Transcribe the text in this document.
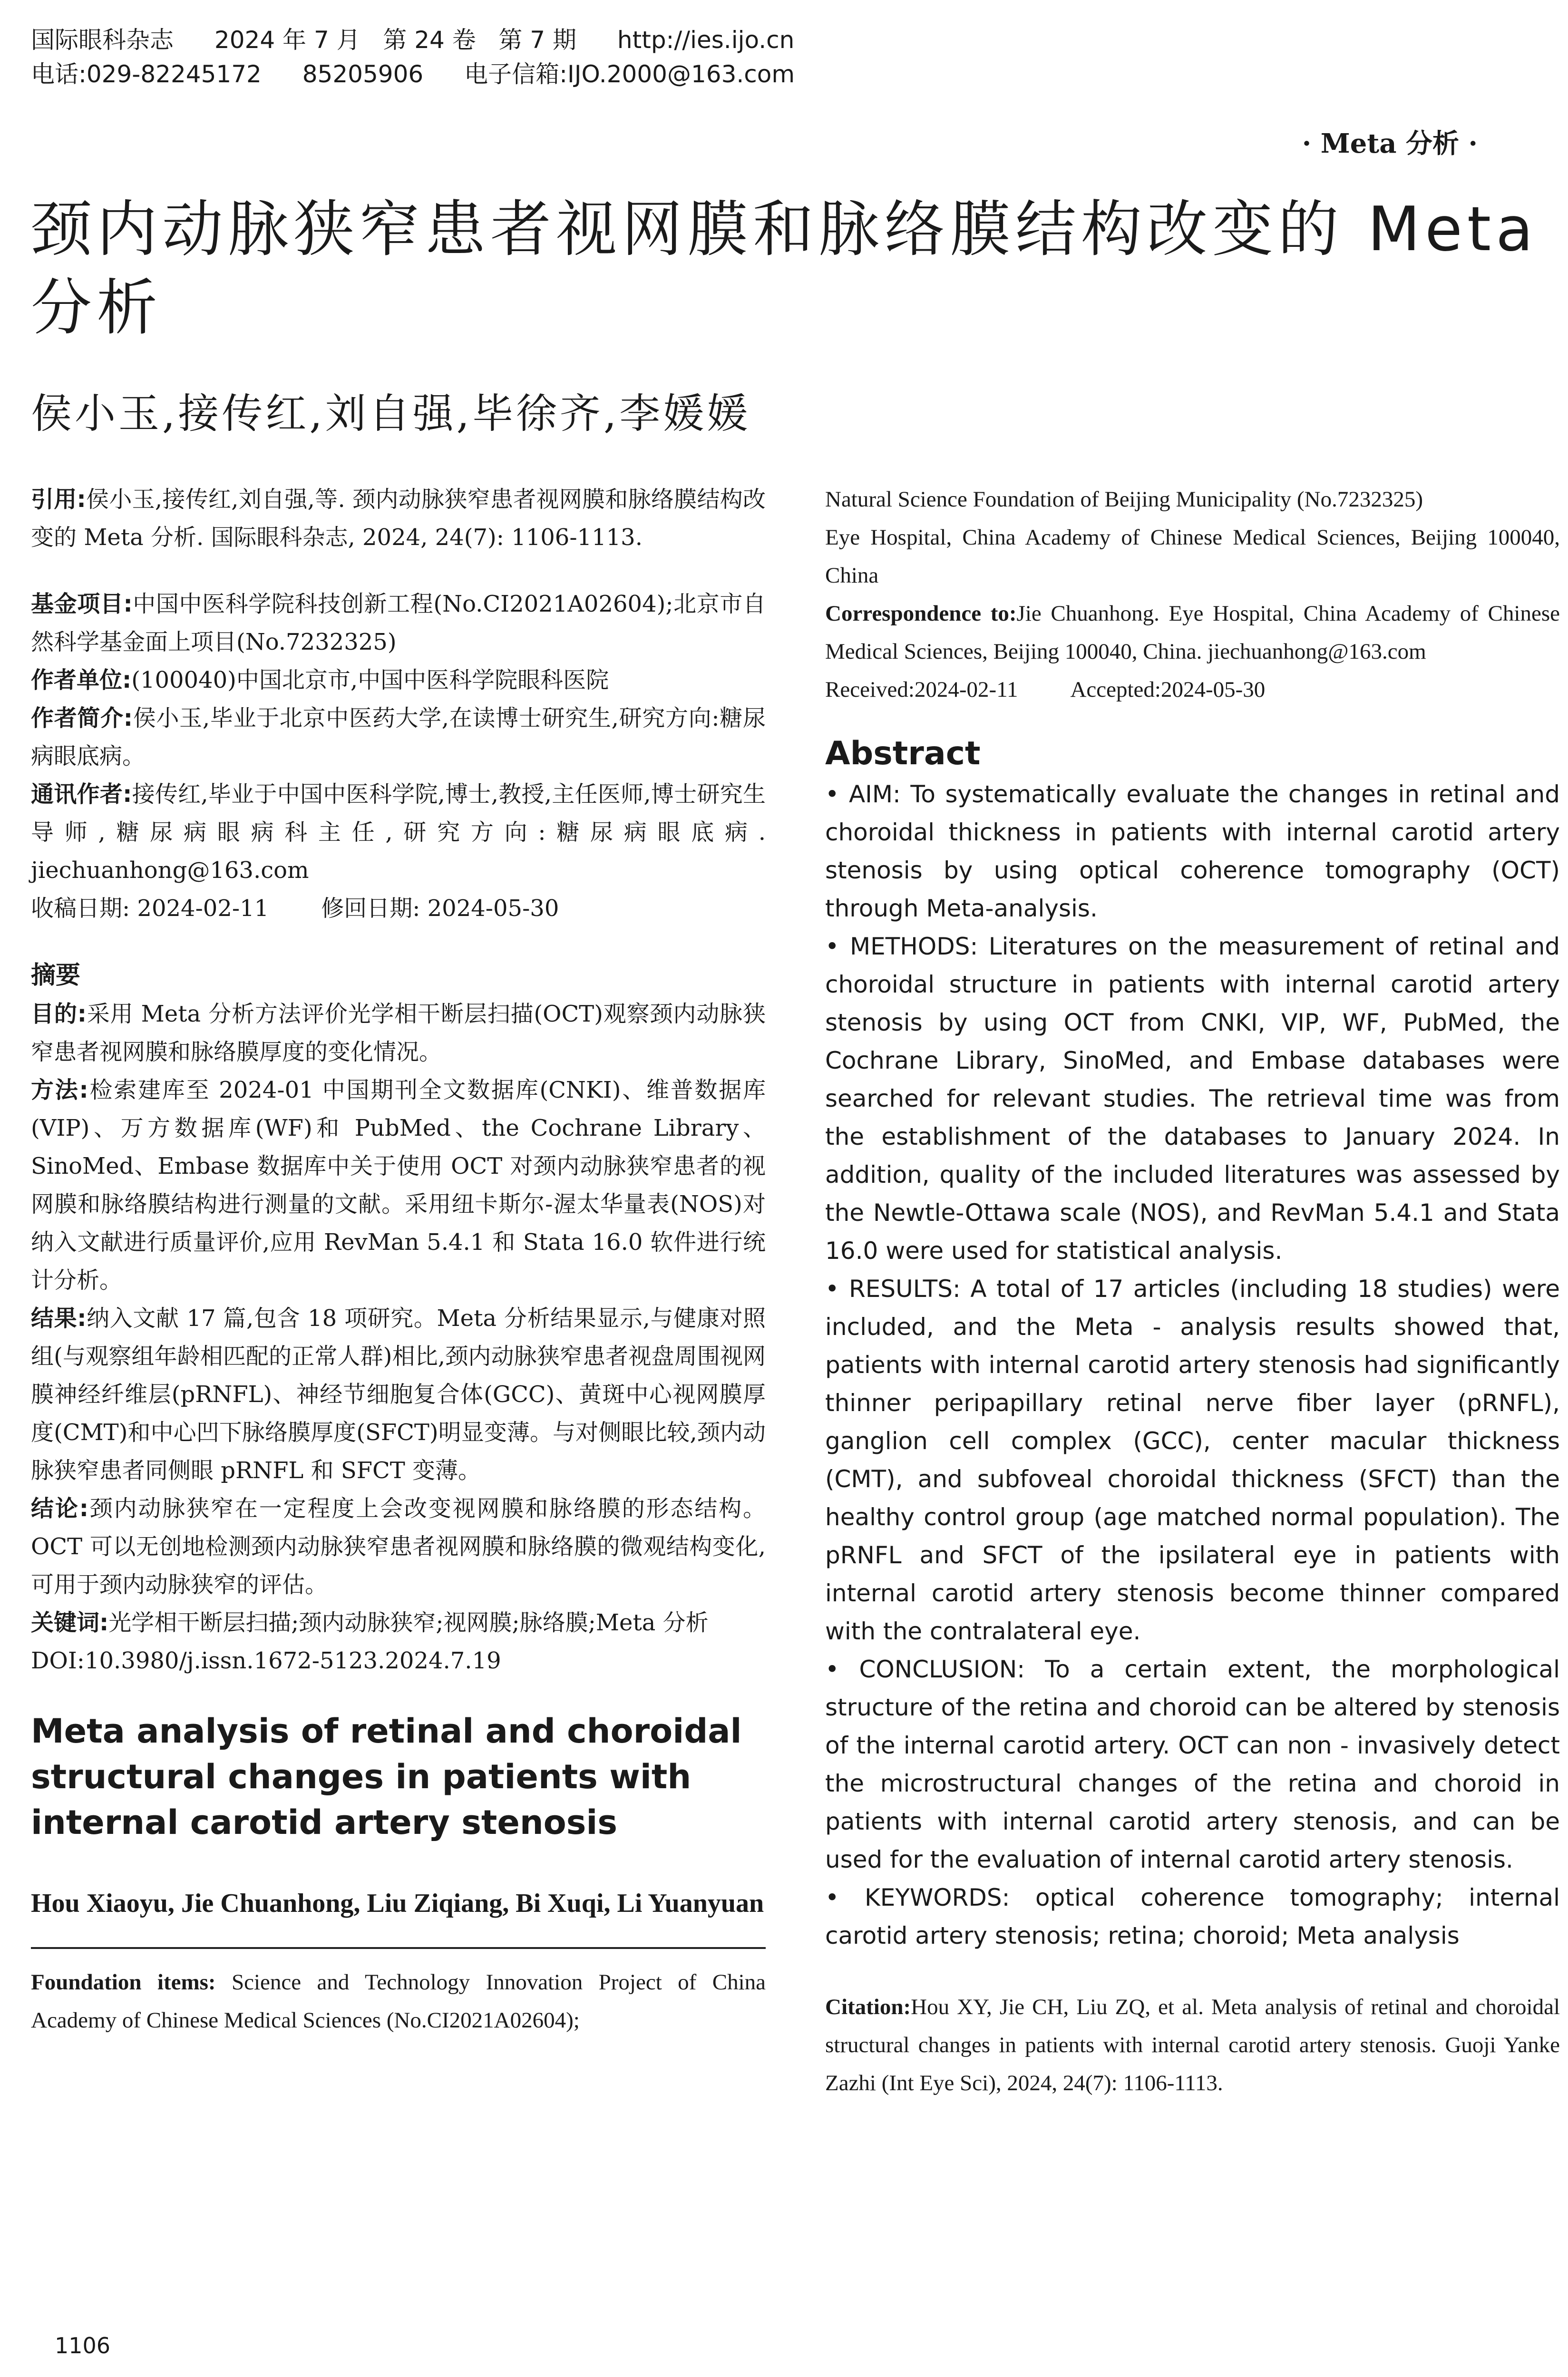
国际眼科杂志 2024 年 7 月   第 24 卷   第 7 期 http://ies.ijo.cn
电话:029-82245172 85205906 电子信箱:IJO.2000@163.com
· Meta 分析 ·
颈内动脉狭窄患者视网膜和脉络膜结构改变的 Meta 分析
侯小玉,接传红,刘自强,毕徐齐,李媛媛
引用:侯小玉,接传红,刘自强,等. 颈内动脉狭窄患者视网膜和脉络膜结构改变的 Meta 分析. 国际眼科杂志, 2024, 24(7): 1106-1113.
基金项目:中国中医科学院科技创新工程(No.CI2021A02604);北京市自然科学基金面上项目(No.7232325)
作者单位:(100040)中国北京市,中国中医科学院眼科医院
作者简介:侯小玉,毕业于北京中医药大学,在读博士研究生,研究方向:糖尿病眼底病。
通讯作者:接传红,毕业于中国中医科学院,博士,教授,主任医师,博士研究生导师,糖尿病眼病科主任,研究方向:糖尿病眼底病. jiechuanhong@163.com
收稿日期: 2024-02-11 修回日期: 2024-05-30
摘要
目的:采用 Meta 分析方法评价光学相干断层扫描(OCT)观察颈内动脉狭窄患者视网膜和脉络膜厚度的变化情况。
方法:检索建库至 2024-01 中国期刊全文数据库(CNKI)、维普数据库(VIP)、万方数据库(WF)和 PubMed、the Cochrane Library、SinoMed、Embase 数据库中关于使用 OCT 对颈内动脉狭窄患者的视网膜和脉络膜结构进行测量的文献。采用纽卡斯尔-渥太华量表(NOS)对纳入文献进行质量评价,应用 RevMan 5.4.1 和 Stata 16.0 软件进行统计分析。
结果:纳入文献 17 篇,包含 18 项研究。Meta 分析结果显示,与健康对照组(与观察组年龄相匹配的正常人群)相比,颈内动脉狭窄患者视盘周围视网膜神经纤维层(pRNFL)、神经节细胞复合体(GCC)、黄斑中心视网膜厚度(CMT)和中心凹下脉络膜厚度(SFCT)明显变薄。与对侧眼比较,颈内动脉狭窄患者同侧眼 pRNFL 和 SFCT 变薄。
结论:颈内动脉狭窄在一定程度上会改变视网膜和脉络膜的形态结构。OCT 可以无创地检测颈内动脉狭窄患者视网膜和脉络膜的微观结构变化,可用于颈内动脉狭窄的评估。
关键词:光学相干断层扫描;颈内动脉狭窄;视网膜;脉络膜;Meta 分析
DOI:10.3980/j.issn.1672-5123.2024.7.19
Meta analysis of retinal and choroidal structural changes in patients with internal carotid artery stenosis
Hou Xiaoyu, Jie Chuanhong, Liu Ziqiang, Bi Xuqi, Li Yuanyuan
Foundation items: Science and Technology Innovation Project of China Academy of Chinese Medical Sciences (No.CI2021A02604);
Natural Science Foundation of Beijing Municipality (No.7232325)
Eye Hospital, China Academy of Chinese Medical Sciences, Beijing 100040, China
Correspondence to:Jie Chuanhong. Eye Hospital, China Academy of Chinese Medical Sciences, Beijing 100040, China. jiechuanhong@163.com
Received:2024-02-11 Accepted:2024-05-30
Abstract
• AIM: To systematically evaluate the changes in retinal and choroidal thickness in patients with internal carotid artery stenosis by using optical coherence tomography (OCT) through Meta-analysis.
• METHODS: Literatures on the measurement of retinal and choroidal structure in patients with internal carotid artery stenosis by using OCT from CNKI, VIP, WF, PubMed, the Cochrane Library, SinoMed, and Embase databases were searched for relevant studies. The retrieval time was from the establishment of the databases to January 2024. In addition, quality of the included literatures was assessed by the Newtle-Ottawa scale (NOS), and RevMan 5.4.1 and Stata 16.0 were used for statistical analysis.
• RESULTS: A total of 17 articles (including 18 studies) were included, and the Meta - analysis results showed that, patients with internal carotid artery stenosis had significantly thinner peripapillary retinal nerve fiber layer (pRNFL), ganglion cell complex (GCC), center macular thickness (CMT), and subfoveal choroidal thickness (SFCT) than the healthy control group (age matched normal population). The pRNFL and SFCT of the ipsilateral eye in patients with internal carotid artery stenosis become thinner compared with the contralateral eye.
• CONCLUSION: To a certain extent, the morphological structure of the retina and choroid can be altered by stenosis of the internal carotid artery. OCT can non - invasively detect the microstructural changes of the retina and choroid in patients with internal carotid artery stenosis, and can be used for the evaluation of internal carotid artery stenosis.
• KEYWORDS: optical coherence tomography; internal carotid artery stenosis; retina; choroid; Meta analysis
Citation:Hou XY, Jie CH, Liu ZQ, et al. Meta analysis of retinal and choroidal structural changes in patients with internal carotid artery stenosis. Guoji Yanke Zazhi (Int Eye Sci), 2024, 24(7): 1106-1113.
1106
